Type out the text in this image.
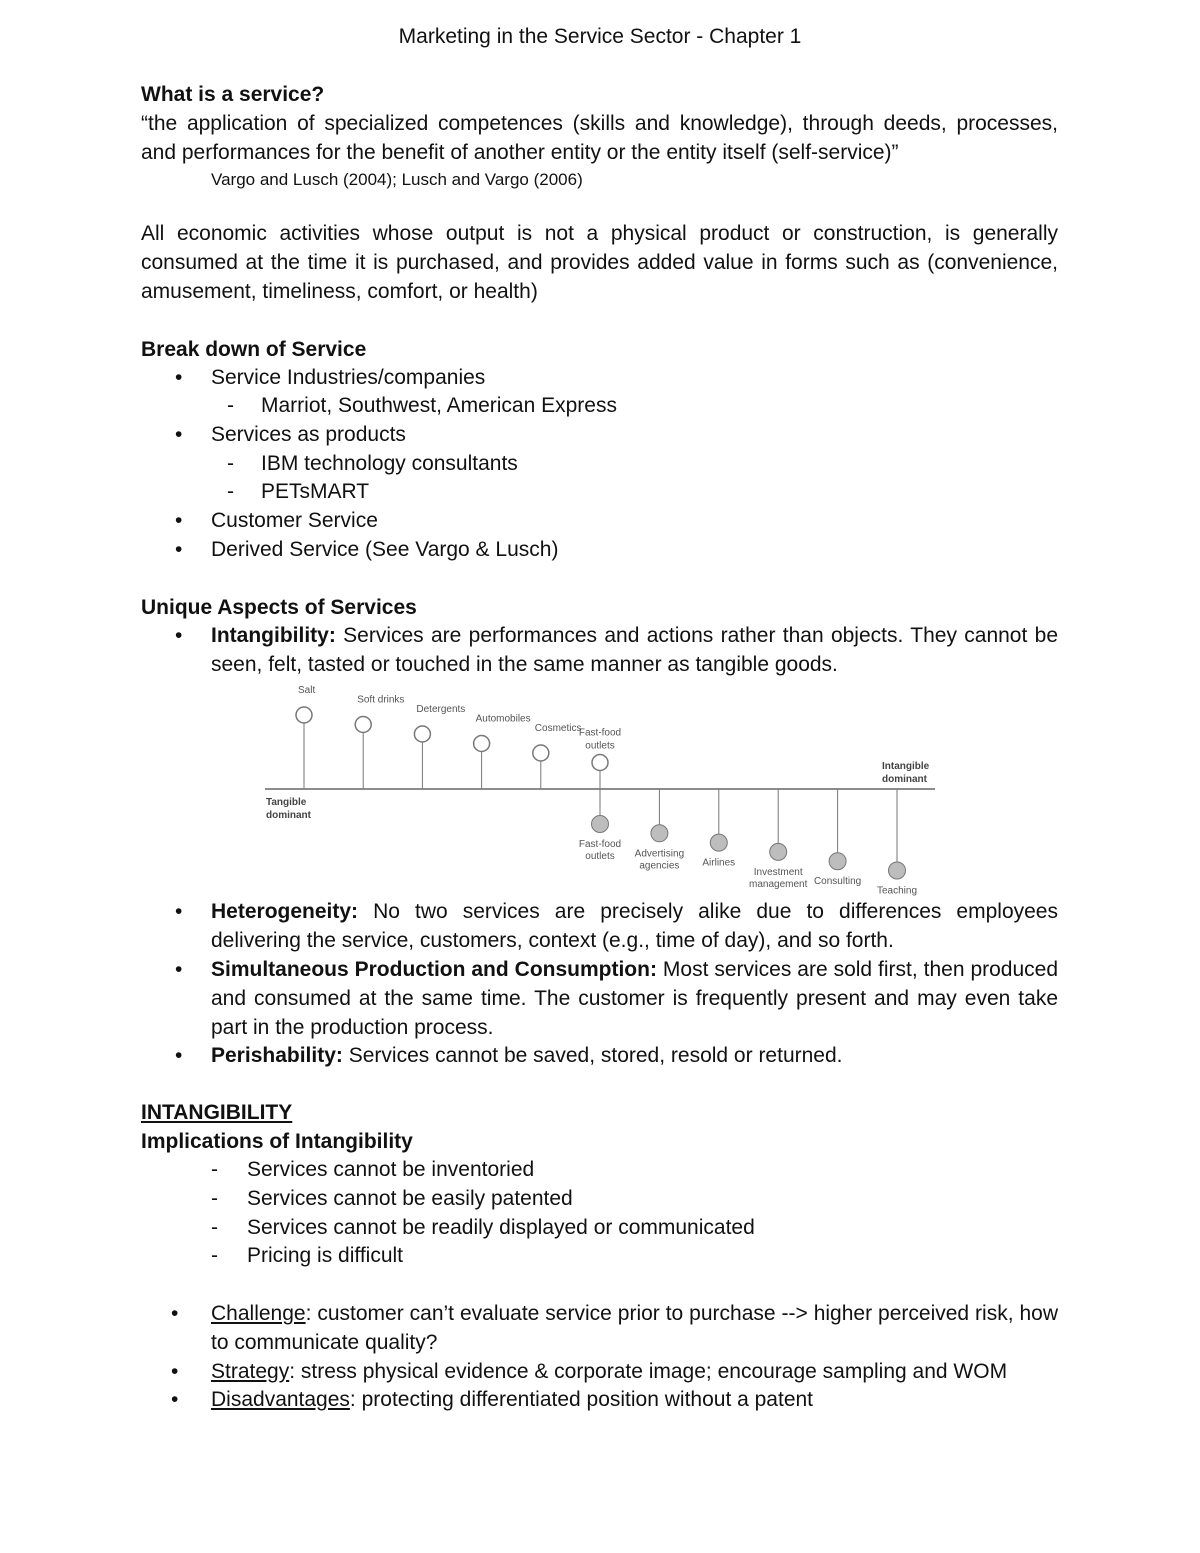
Marketing in the Service Sector - Chapter 1
What is a service?
“the application of specialized competences (skills and knowledge), through deeds, processes, and performances for the benefit of another entity or the entity itself (self-service)”
Vargo and Lusch (2004); Lusch and Vargo (2006)
All economic activities whose output is not a physical product or construction, is generally consumed at the time it is purchased, and provides added value in forms such as (convenience, amusement, timeliness, comfort, or health)
Break down of Service
• Service Industries/companies
- Marriot, Southwest, American Express
• Services as products
- IBM technology consultants
- PETsMART
• Customer Service
• Derived Service (See Vargo & Lusch)
Unique Aspects of Services
• Intangibility: Services are performances and actions rather than objects. They cannot be seen, felt, tasted or touched in the same manner as tangible goods.
Salt
Soft drinks
Detergents
Automobiles
Cosmetics
Fast-food
outlets
Fast-food
outlets Advertising
agencies Airlines
Investment
management Consulting
Teaching
Tangible
dominant
Intangible
dominant
• Heterogeneity: No two services are precisely alike due to differences employees delivering the service, customers, context (e.g., time of day), and so forth.
• Simultaneous Production and Consumption: Most services are sold first, then produced and consumed at the same time. The customer is frequently present and may even take part in the production process.
• Perishability: Services cannot be saved, stored, resold or returned.
INTANGIBILITY
Implications of Intangibility
- Services cannot be inventoried
- Services cannot be easily patented
- Services cannot be readily displayed or communicated
- Pricing is difficult
• Challenge: customer can’t evaluate service prior to purchase --> higher perceived risk, how to communicate quality?
• Strategy: stress physical evidence & corporate image; encourage sampling and WOM
• Disadvantages: protecting differentiated position without a patent
